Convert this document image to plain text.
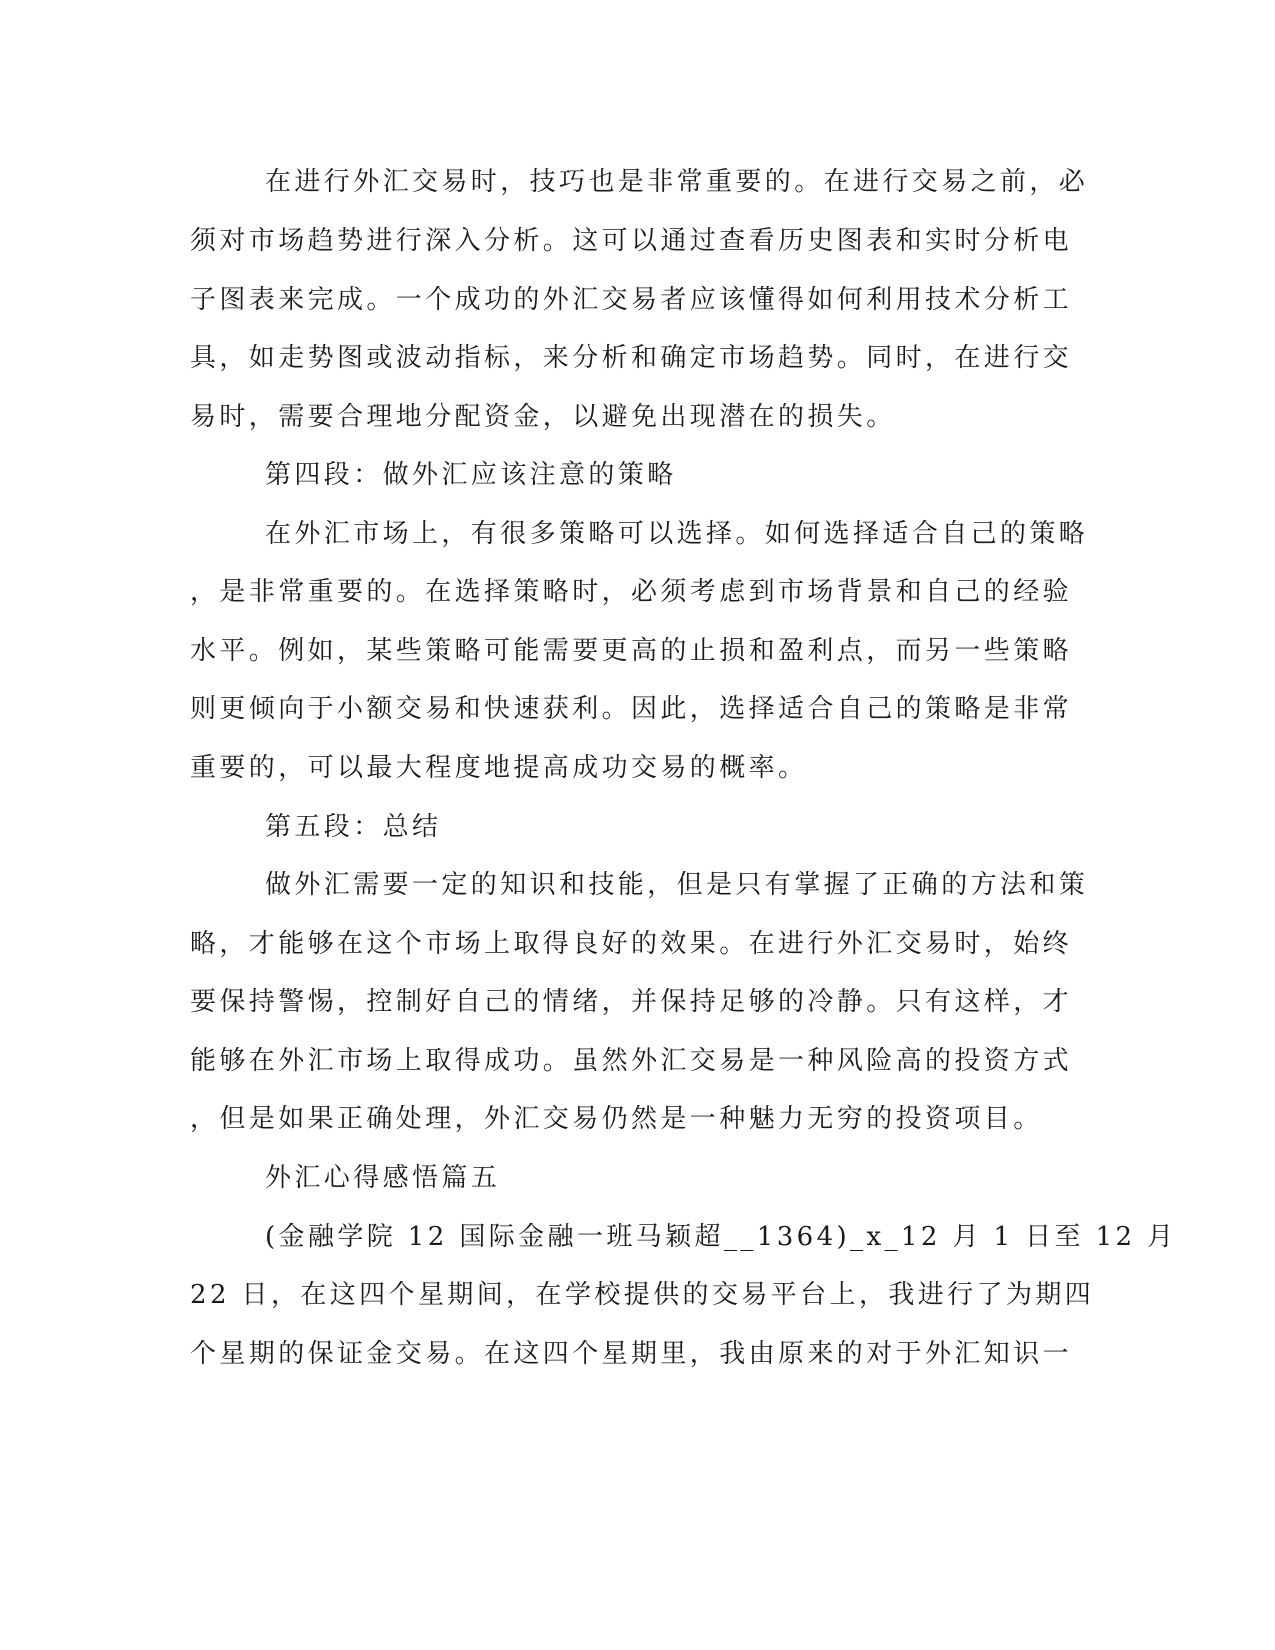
在进行外汇交易时，技巧也是非常重要的。在进行交易之前，必

须对市场趋势进行深入分析。这可以通过查看历史图表和实时分析电

子图表来完成。一个成功的外汇交易者应该懂得如何利用技术分析工

具，如走势图或波动指标，来分析和确定市场趋势。同时，在进行交

易时，需要合理地分配资金，以避免出现潜在的损失。

第四段：做外汇应该注意的策略

在外汇市场上，有很多策略可以选择。如何选择适合自己的策略

，是非常重要的。在选择策略时，必须考虑到市场背景和自己的经验

水平。例如，某些策略可能需要更高的止损和盈利点，而另一些策略

则更倾向于小额交易和快速获利。因此，选择适合自己的策略是非常

重要的，可以最大程度地提高成功交易的概率。

第五段：总结

做外汇需要一定的知识和技能，但是只有掌握了正确的方法和策

略，才能够在这个市场上取得良好的效果。在进行外汇交易时，始终

要保持警惕，控制好自己的情绪，并保持足够的冷静。只有这样，才

能够在外汇市场上取得成功。虽然外汇交易是一种风险高的投资方式

，但是如果正确处理，外汇交易仍然是一种魅力无穷的投资项目。

外汇心得感悟篇五

(金融学院 12 国际金融一班马颖超__1364)_x_12 月 1 日至 12 月

22 日，在这四个星期间，在学校提供的交易平台上，我进行了为期四

个星期的保证金交易。在这四个星期里，我由原来的对于外汇知识一
